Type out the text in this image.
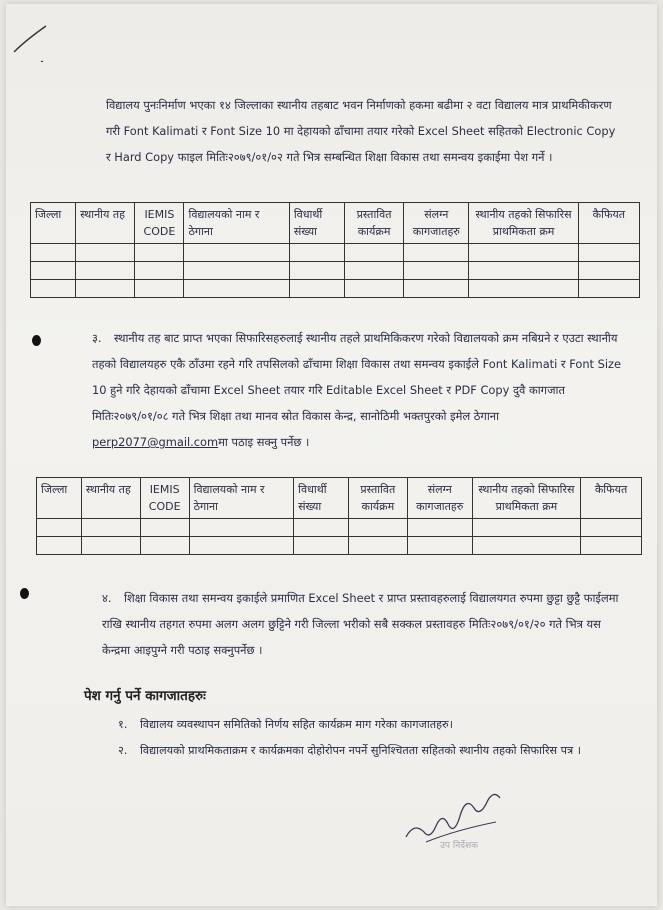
विद्यालय पुनःनिर्माण भएका १४ जिल्लाका स्थानीय तहबाट भवन निर्माणको हकमा बढीमा २ वटा विद्यालय मात्र प्राथमिकीकरण गरी Font Kalimati र Font Size 10 मा देहायको ढाँचामा तयार गरेको Excel Sheet सहितको Electronic Copy र Hard Copy फाइल मितिः२०७९/०१/०२ गते भित्र सम्बन्धित शिक्षा विकास तथा समन्वय इकाईमा पेश गर्ने ।
जिल्ला	स्थानीय तह	IEMIS CODE	विद्यालयको नाम र ठेगाना	विधार्थी संख्या	प्रस्तावित कार्यक्रम	संलग्न कागजातहरु	स्थानीय तहको सिफारिस प्राथमिकता क्रम	कैफियत

३. स्थानीय तह बाट प्राप्त भएका सिफारिसहरुलाई स्थानीय तहले प्राथमिकिकरण गरेको विद्यालयको क्रम नबिग्रने र एउटा स्थानीय तहको विद्यालयहरु एकै ठाँउमा रहने गरि तपसिलको ढाँचामा शिक्षा विकास तथा समन्वय इकाईले Font Kalimati र Font Size 10 हुने गरि देहायको ढाँचामा Excel Sheet तयार गरि Editable Excel Sheet र PDF Copy दुवै कागजात मितिः२०७९/०१/०८ गते भित्र शिक्षा तथा मानव स्रोत विकास केन्द्र, सानोठिमी भक्तपुरको इमेल ठेगाना perp2077@gmail.comमा पठाइ सक्नु पर्नेछ ।
जिल्ला	स्थानीय तह	IEMIS CODE	विद्यालयको नाम र ठेगाना	विधार्थी संख्या	प्रस्तावित कार्यक्रम	संलग्न कागजातहरु	स्थानीय तहको सिफारिस प्राथमिकता क्रम	कैफियत

४. शिक्षा विकास तथा समन्वय इकाईले प्रमाणित Excel Sheet र प्राप्त प्रस्तावहरुलाई विद्यालयगत रुपमा छुट्टा छुट्टै फाईलमा राखि स्थानीय तहगत रुपमा अलग अलग छुट्टिने गरी जिल्ला भरीको सबै सक्कल प्रस्तावहरु मितिः२०७९/०१/२० गते भित्र यस केन्द्रमा आइपुग्ने गरी पठाइ सक्नुपर्नेछ ।
पेश गर्नु पर्ने कागजातहरुः
१. विद्यालय व्यवस्थापन समितिको निर्णय सहित कार्यक्रम माग गरेका कागजातहरु।
२. विद्यालयको प्राथमिकताक्रम र कार्यक्रमका दोहोरोपन नपर्ने सुनिश्चितता सहितको स्थानीय तहको सिफारिस पत्र ।
उप निर्देशक
